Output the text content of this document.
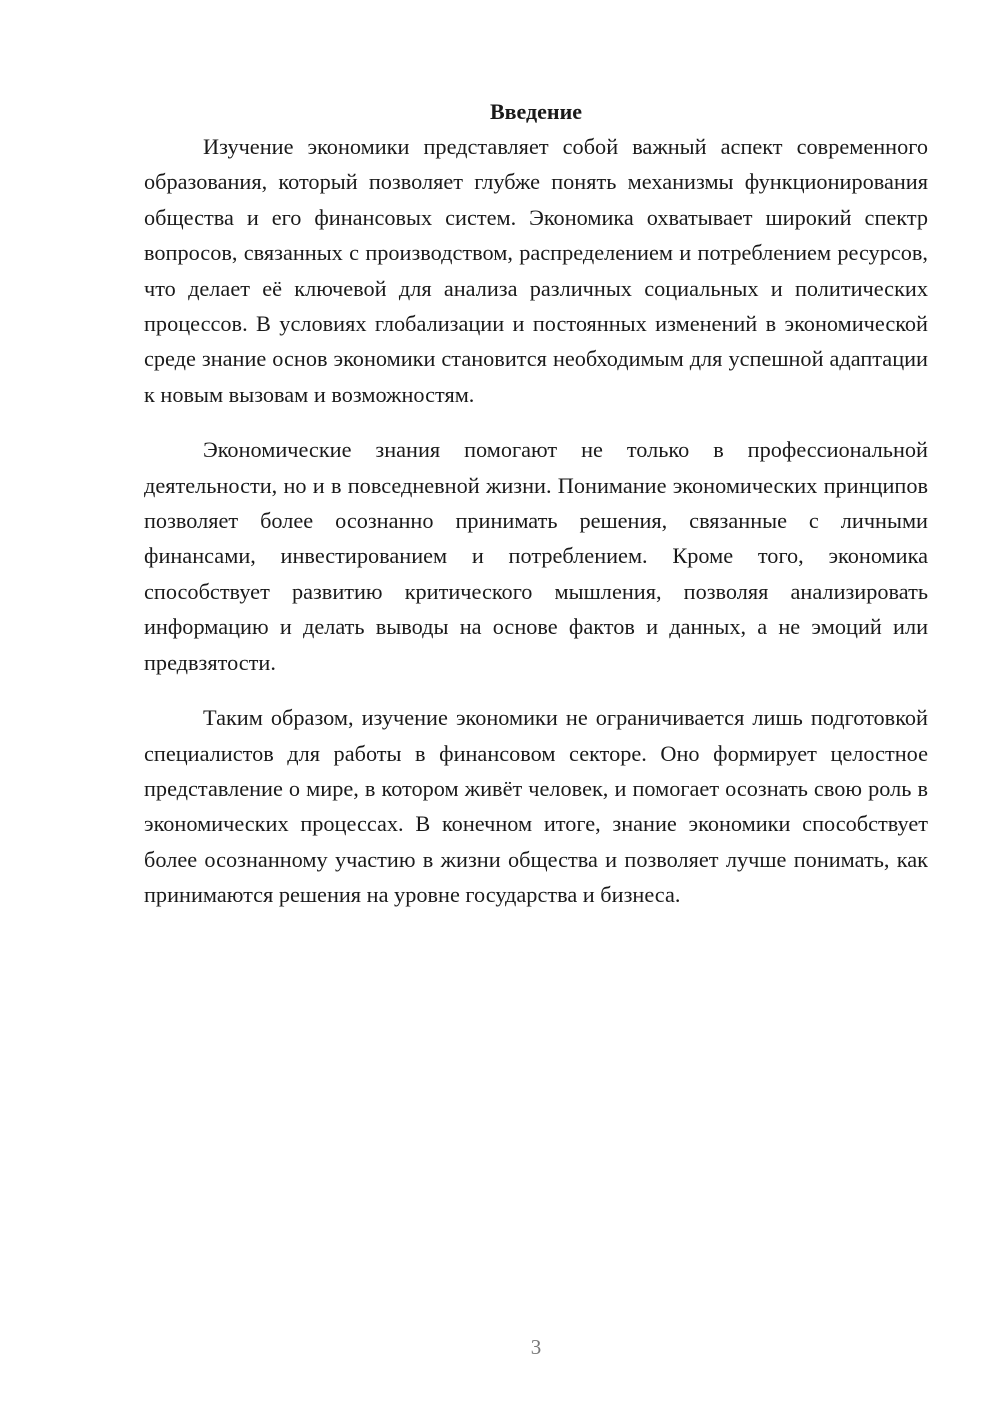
Введение

Изучение экономики представляет собой важный аспект современного образования, который позволяет глубже понять механизмы функционирования общества и его финансовых систем. Экономика охватывает широкий спектр вопросов, связанных с производством, распределением и потреблением ресурсов, что делает её ключевой для анализа различных социальных и политических процессов. В условиях глобализации и постоянных изменений в экономической среде знание основ экономики становится необходимым для успешной адаптации к новым вызовам и возможностям.

Экономические знания помогают не только в профессиональной деятельности, но и в повседневной жизни. Понимание экономических принципов позволяет более осознанно принимать решения, связанные с личными финансами, инвестированием и потреблением. Кроме того, экономика способствует развитию критического мышления, позволяя анализировать информацию и делать выводы на основе фактов и данных, а не эмоций или предвзятости.

Таким образом, изучение экономики не ограничивается лишь подготовкой специалистов для работы в финансовом секторе. Оно формирует целостное представление о мире, в котором живёт человек, и помогает осознать свою роль в экономических процессах. В конечном итоге, знание экономики способствует более осознанному участию в жизни общества и позволяет лучше понимать, как принимаются решения на уровне государства и бизнеса.

3
